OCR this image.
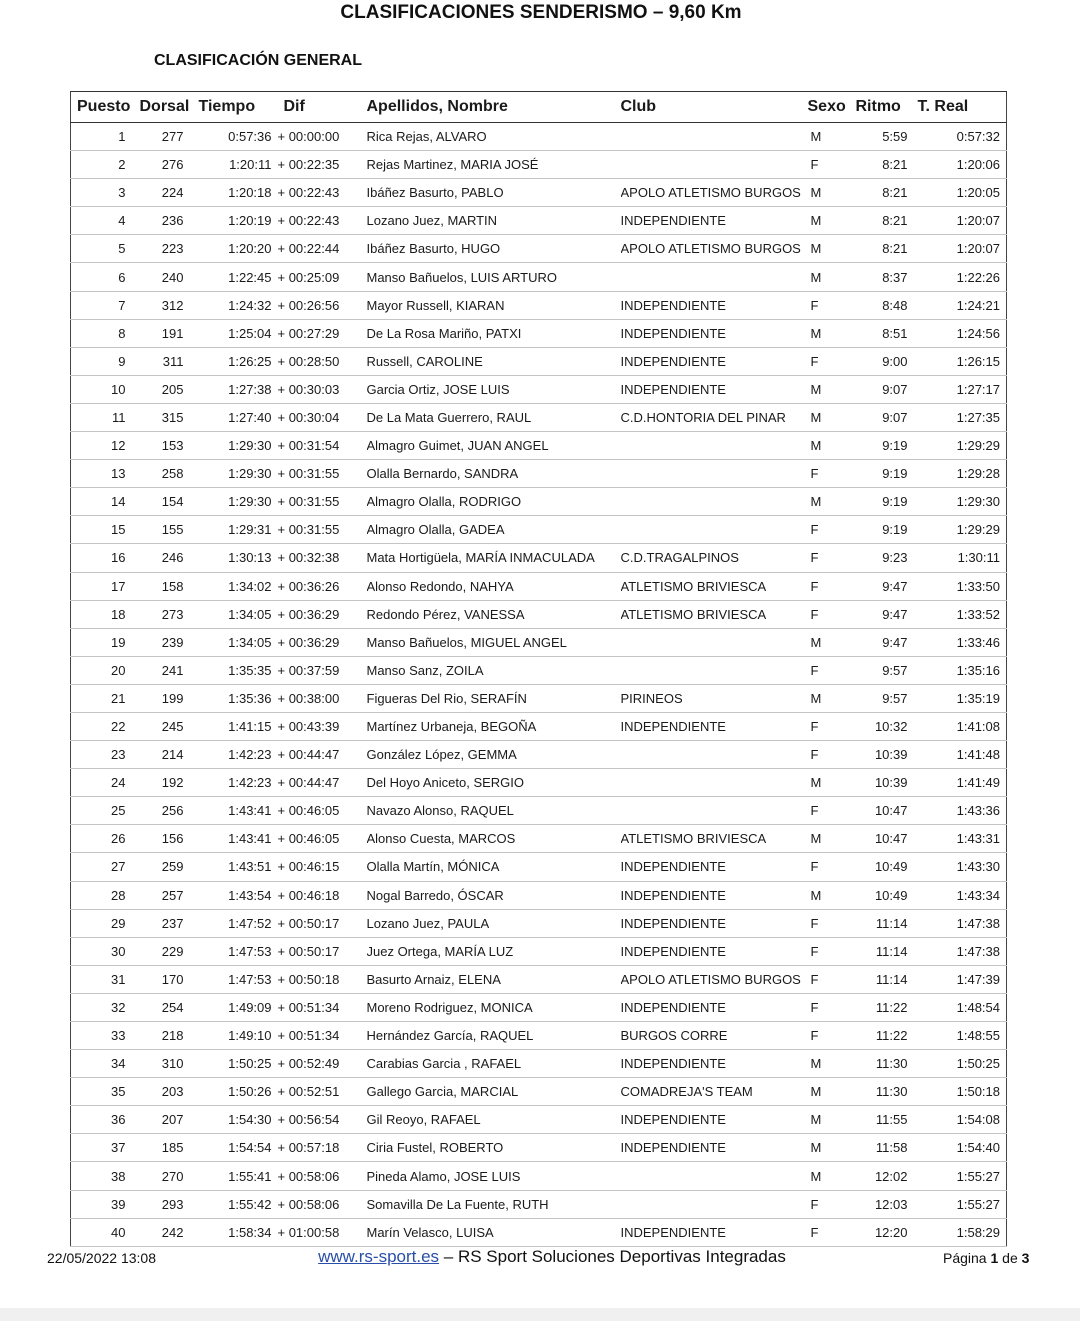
CLASIFICACIONES SENDERISMO – 9,60 Km
CLASIFICACIÓN GENERAL
Puesto	Dorsal	Tiempo	Dif	Apellidos, Nombre	Club	Sexo	Ritmo	T. Real
1	277	0:57:36	+ 00:00:00	Rica Rejas, ALVARO		M	5:59	0:57:32
2	276	1:20:11	+ 00:22:35	Rejas Martinez, MARIA JOSÉ		F	8:21	1:20:06
3	224	1:20:18	+ 00:22:43	Ibáñez Basurto, PABLO	APOLO ATLETISMO BURGOS	M	8:21	1:20:05
4	236	1:20:19	+ 00:22:43	Lozano Juez, MARTIN	INDEPENDIENTE	M	8:21	1:20:07
5	223	1:20:20	+ 00:22:44	Ibáñez Basurto, HUGO	APOLO ATLETISMO BURGOS	M	8:21	1:20:07
6	240	1:22:45	+ 00:25:09	Manso Bañuelos, LUIS ARTURO		M	8:37	1:22:26
7	312	1:24:32	+ 00:26:56	Mayor Russell, KIARAN	INDEPENDIENTE	F	8:48	1:24:21
8	191	1:25:04	+ 00:27:29	De La Rosa Mariño, PATXI	INDEPENDIENTE	M	8:51	1:24:56
9	311	1:26:25	+ 00:28:50	Russell, CAROLINE	INDEPENDIENTE	F	9:00	1:26:15
10	205	1:27:38	+ 00:30:03	Garcia Ortiz, JOSE LUIS	INDEPENDIENTE	M	9:07	1:27:17
11	315	1:27:40	+ 00:30:04	De La Mata Guerrero, RAUL	C.D.HONTORIA DEL PINAR	M	9:07	1:27:35
12	153	1:29:30	+ 00:31:54	Almagro Guimet, JUAN ANGEL		M	9:19	1:29:29
13	258	1:29:30	+ 00:31:55	Olalla Bernardo, SANDRA		F	9:19	1:29:28
14	154	1:29:30	+ 00:31:55	Almagro Olalla, RODRIGO		M	9:19	1:29:30
15	155	1:29:31	+ 00:31:55	Almagro Olalla, GADEA		F	9:19	1:29:29
16	246	1:30:13	+ 00:32:38	Mata Hortigüela, MARÍA INMACULADA	C.D.TRAGALPINOS	F	9:23	1:30:11
17	158	1:34:02	+ 00:36:26	Alonso Redondo, NAHYA	ATLETISMO BRIVIESCA	F	9:47	1:33:50
18	273	1:34:05	+ 00:36:29	Redondo Pérez, VANESSA	ATLETISMO BRIVIESCA	F	9:47	1:33:52
19	239	1:34:05	+ 00:36:29	Manso Bañuelos, MIGUEL ANGEL		M	9:47	1:33:46
20	241	1:35:35	+ 00:37:59	Manso Sanz, ZOILA		F	9:57	1:35:16
21	199	1:35:36	+ 00:38:00	Figueras Del Rio, SERAFÍN	PIRINEOS	M	9:57	1:35:19
22	245	1:41:15	+ 00:43:39	Martínez Urbaneja, BEGOÑA	INDEPENDIENTE	F	10:32	1:41:08
23	214	1:42:23	+ 00:44:47	González López, GEMMA		F	10:39	1:41:48
24	192	1:42:23	+ 00:44:47	Del Hoyo Aniceto, SERGIO		M	10:39	1:41:49
25	256	1:43:41	+ 00:46:05	Navazo Alonso, RAQUEL		F	10:47	1:43:36
26	156	1:43:41	+ 00:46:05	Alonso Cuesta, MARCOS	ATLETISMO BRIVIESCA	M	10:47	1:43:31
27	259	1:43:51	+ 00:46:15	Olalla Martín, MÓNICA	INDEPENDIENTE	F	10:49	1:43:30
28	257	1:43:54	+ 00:46:18	Nogal Barredo, ÓSCAR	INDEPENDIENTE	M	10:49	1:43:34
29	237	1:47:52	+ 00:50:17	Lozano Juez, PAULA	INDEPENDIENTE	F	11:14	1:47:38
30	229	1:47:53	+ 00:50:17	Juez Ortega, MARÍA LUZ	INDEPENDIENTE	F	11:14	1:47:38
31	170	1:47:53	+ 00:50:18	Basurto Arnaiz, ELENA	APOLO ATLETISMO BURGOS	F	11:14	1:47:39
32	254	1:49:09	+ 00:51:34	Moreno Rodriguez, MONICA	INDEPENDIENTE	F	11:22	1:48:54
33	218	1:49:10	+ 00:51:34	Hernández García, RAQUEL	BURGOS CORRE	F	11:22	1:48:55
34	310	1:50:25	+ 00:52:49	Carabias Garcia , RAFAEL	INDEPENDIENTE	M	11:30	1:50:25
35	203	1:50:26	+ 00:52:51	Gallego Garcia, MARCIAL	COMADREJA'S TEAM	M	11:30	1:50:18
36	207	1:54:30	+ 00:56:54	Gil Reoyo, RAFAEL	INDEPENDIENTE	M	11:55	1:54:08
37	185	1:54:54	+ 00:57:18	Ciria Fustel, ROBERTO	INDEPENDIENTE	M	11:58	1:54:40
38	270	1:55:41	+ 00:58:06	Pineda Alamo, JOSE LUIS		M	12:02	1:55:27
39	293	1:55:42	+ 00:58:06	Somavilla De La Fuente, RUTH		F	12:03	1:55:27
40	242	1:58:34	+ 01:00:58	Marín Velasco, LUISA	INDEPENDIENTE	F	12:20	1:58:29
22/05/2022 13:08	www.rs-sport.es – RS Sport Soluciones Deportivas Integradas	Página 1 de 3
